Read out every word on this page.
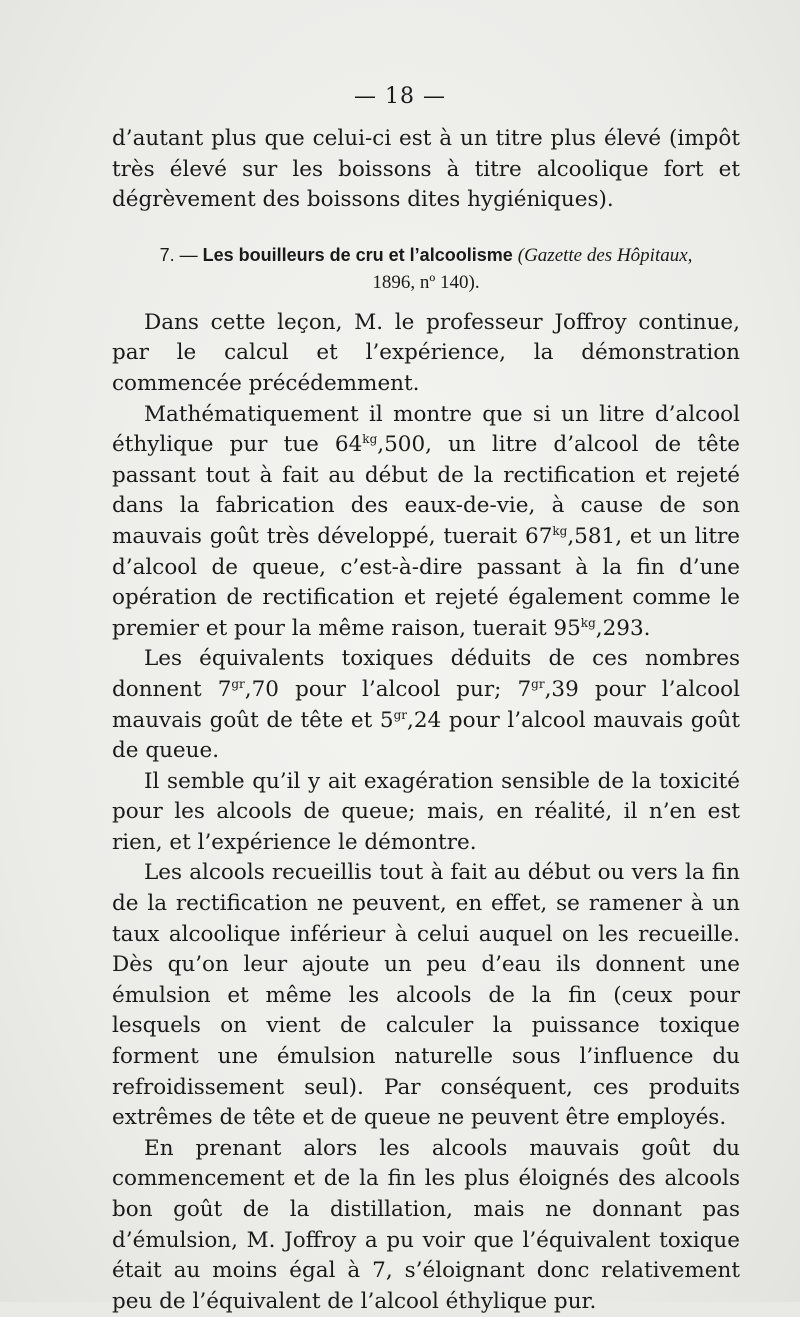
— 18 —

d’autant plus que celui-ci est à un titre plus élevé (impôt très élevé sur les boissons à titre alcoolique fort et dégrèvement des boissons dites hygiéniques).

7. — Les bouilleurs de cru et l’alcoolisme (Gazette des Hôpitaux,
1896, nº 140).

Dans cette leçon, M. le professeur Joffroy continue, par le calcul et l’expérience, la démonstration commencée précédemment.

Mathématiquement il montre que si un litre d’alcool éthylique pur tue $64^{kg},500$, un litre d’alcool de tête passant tout à fait au début de la rectification et rejeté dans la fabrication des eaux-de-vie, à cause de son mauvais goût très développé, tuerait $67^{kg},581$, et un litre d’alcool de queue, c’est-à-dire passant à la fin d’une opération de rectification et rejeté également comme le premier et pour la même raison, tuerait $95^{kg},293$.

Les équivalents toxiques déduits de ces nombres donnent $7^{gr},70$ pour l’alcool pur; $7^{gr},39$ pour l’alcool mauvais goût de tête et $5^{gr},24$ pour l’alcool mauvais goût de queue.

Il semble qu’il y ait exagération sensible de la toxicité pour les alcools de queue; mais, en réalité, il n’en est rien, et l’expérience le démontre.

Les alcools recueillis tout à fait au début ou vers la fin de la rectification ne peuvent, en effet, se ramener à un taux alcoolique inférieur à celui auquel on les recueille. Dès qu’on leur ajoute un peu d’eau ils donnent une émulsion et même les alcools de la fin (ceux pour lesquels on vient de calculer la puissance toxique forment une émulsion naturelle sous l’influence du refroidissement seul). Par conséquent, ces produits extrêmes de tête et de queue ne peuvent être employés.

En prenant alors les alcools mauvais goût du commencement et de la fin les plus éloignés des alcools bon goût de la distillation, mais ne donnant pas d’émulsion, M. Joffroy a pu voir que l’équivalent toxique était au moins égal à 7, s’éloignant donc relativement peu de l’équivalent de l’alcool éthylique pur.
